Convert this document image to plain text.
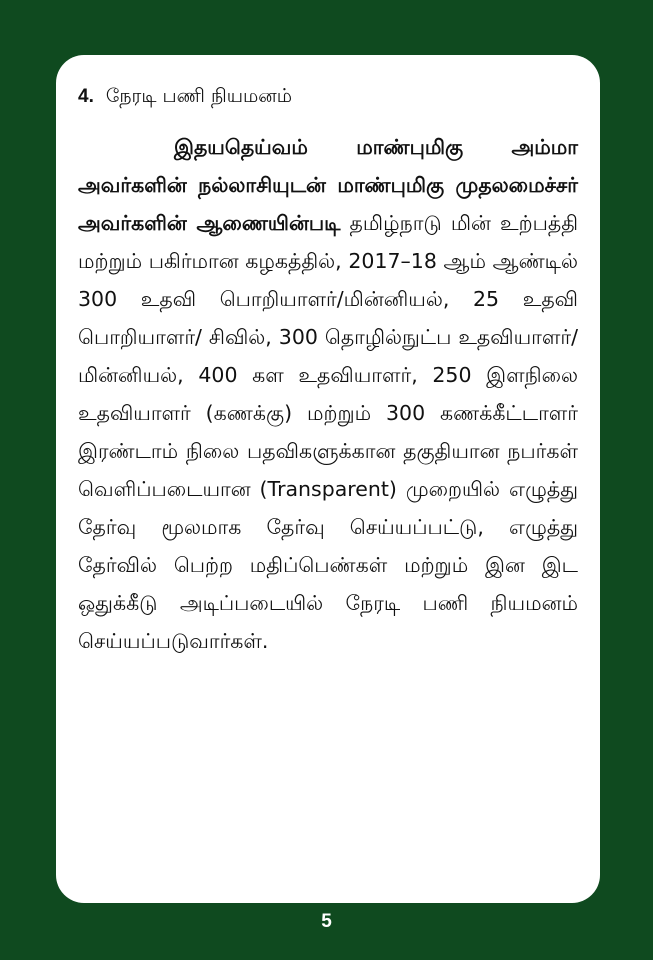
4. நேரடி பணி நியமனம்

இதயதெய்வம் மாண்புமிகு அம்மா அவர்களின் நல்லாசியுடன் மாண்புமிகு முதலமைச்சர் அவர்களின் ஆணையின்படி தமிழ்நாடு மின் உற்பத்தி மற்றும் பகிர்மான கழகத்தில், 2017–18 ஆம் ஆண்டில் 300 உதவி பொறியாளர்/மின்னியல், 25 உதவி பொறியாளர்/ சிவில், 300 தொழில்நுட்ப உதவியாளர்/ மின்னியல், 400 கள உதவியாளர், 250 இளநிலை உதவியாளர் (கணக்கு) மற்றும் 300 கணக்கீட்டாளர் இரண்டாம் நிலை பதவிகளுக்கான தகுதியான நபர்கள் வெளிப்படையான (Transparent) முறையில் எழுத்து தேர்வு மூலமாக தேர்வு செய்யப்பட்டு, எழுத்து தேர்வில் பெற்ற மதிப்பெண்கள் மற்றும் இன இட ஒதுக்கீடு அடிப்படையில் நேரடி பணி நியமனம் செய்யப்படுவார்கள்.

5
